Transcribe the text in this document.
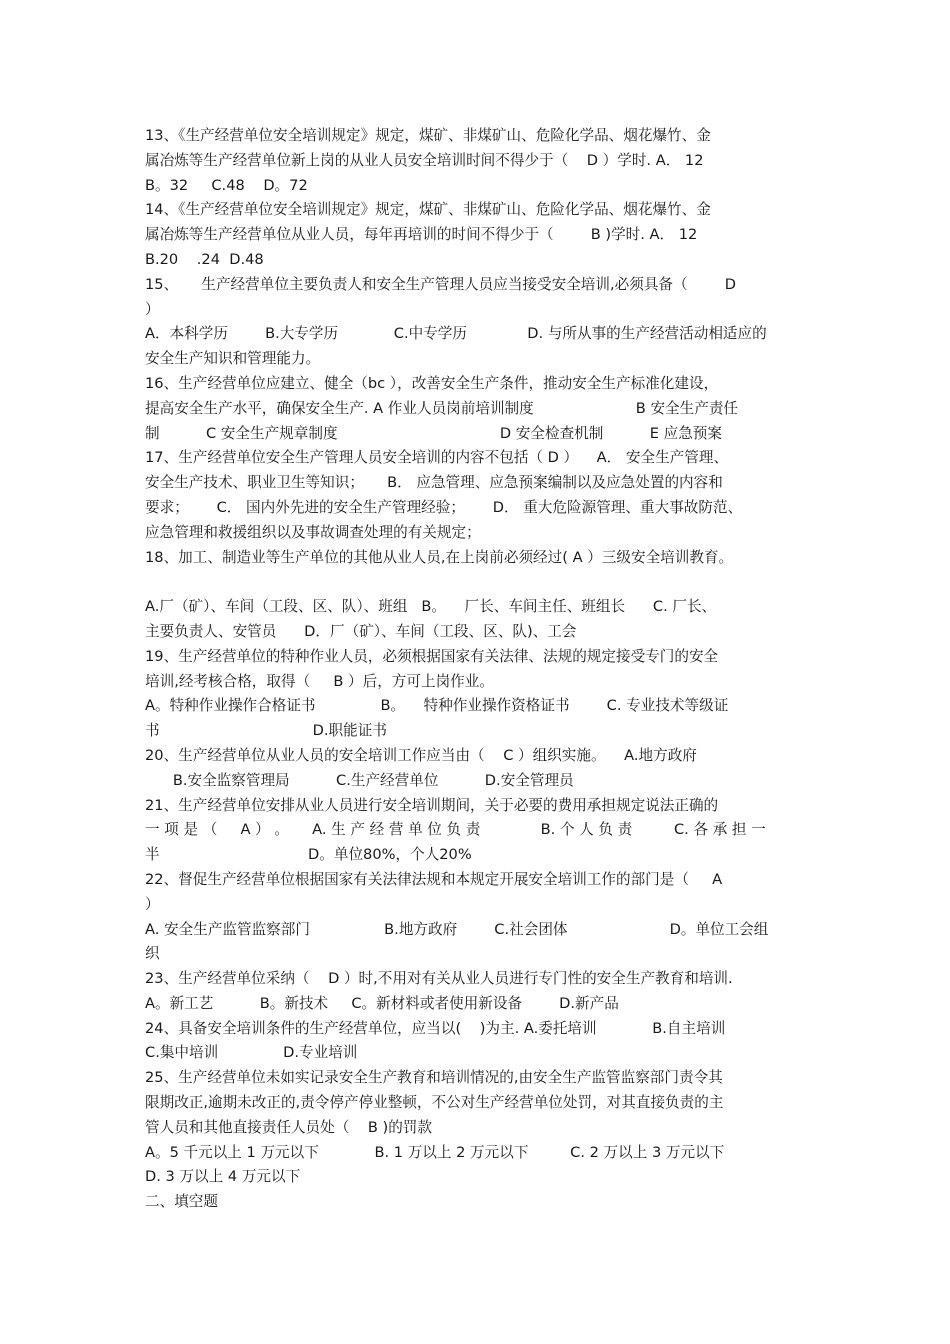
13、《生产经营单位安全培训规定》规定，煤矿、非煤矿山、危险化学品、烟花爆竹、金
属冶炼等生产经营单位新上岗的从业人员安全培训时间不得少于（    D ）学时. A． 12
B。32     C.48    D。72
14、《生产经营单位安全培训规定》规定，煤矿、非煤矿山、危险化学品、烟花爆竹、金
属冶炼等生产经营单位从业人员，每年再培训的时间不得少于（        B )学时. A． 12
B.20    .24  D.48
15、     生产经营单位主要负责人和安全生产管理人员应当接受安全培训,必须具备（        D
）
A．本科学历        B.大专学历            C.中专学历             D. 与所从事的生产经营活动相适应的
安全生产知识和管理能力。
16、生产经营单位应建立、健全（bc ），改善安全生产条件，推动安全生产标准化建设，
提高安全生产水平，确保安全生产. A 作业人员岗前培训制度                      B 安全生产责任
制          C 安全生产规章制度                                   D 安全检查机制          E 应急预案
17、生产经营单位安全生产管理人员安全培训的内容不包括（ D ）    A． 安全生产管理、
安全生产技术、职业卫生等知识；     B． 应急管理、应急预案编制以及应急处置的内容和
要求；      C． 国内外先进的安全生产管理经验；      D． 重大危险源管理、重大事故防范、
应急管理和救援组织以及事故调查处理的有关规定；
18、加工、制造业等生产单位的其他从业人员,在上岗前必须经过( A ）三级安全培训教育。
A.厂（矿）、车间（工段、区、队）、班组   B。    厂长、车间主任、班组长      C. 厂长、
主要负责人、安管员      D．厂（矿）、车间（工段、区、队)、工会
19、生产经营单位的特种作业人员，必须根据国家有关法律、法规的规定接受专门的安全
培训,经考核合格，取得（     B ）后，方可上岗作业。
A。特种作业操作合格证书              B。    特种作业操作资格证书        C. 专业技术等级证
书                                 D.职能证书
20、生产经营单位从业人员的安全培训工作应当由（    C ）组织实施。    A.地方政府
B.安全监察管理局          C.生产经营单位          D.安全管理员
21、生产经营单位安排从业人员进行安全培训期间，关于必要的费用承担规定说法正确的
一 项 是 （     A ） 。     A. 生 产 经 营 单 位 负 责             B. 个 人 负 责         C. 各 承 担 一
半                                D。单位80%，个人20%
22、督促生产经营单位根据国家有关法律法规和本规定开展安全培训工作的部门是（     A
）
A. 安全生产监管监察部门                B.地方政府        C.社会团体                      D。单位工会组
织
23、生产经营单位采纳（    D ）时,不用对有关从业人员进行专门性的安全生产教育和培训.
A。新工艺          B。新技术     C。新材料或者使用新设备        D.新产品
24、具备安全培训条件的生产经营单位，应当以(    )为主. A.委托培训            B.自主培训
C.集中培训              D.专业培训
25、生产经营单位未如实记录安全生产教育和培训情况的,由安全生产监管监察部门责令其
限期改正,逾期未改正的,责令停产停业整顿，不公对生产经营单位处罚，对其直接负责的主
管人员和其他直接责任人员处（    B )的罚款
A。5 千元以上 1 万元以下            B. 1 万以上 2 万元以下         C. 2 万以上 3 万元以下
D. 3 万以上 4 万元以下
二、填空题
